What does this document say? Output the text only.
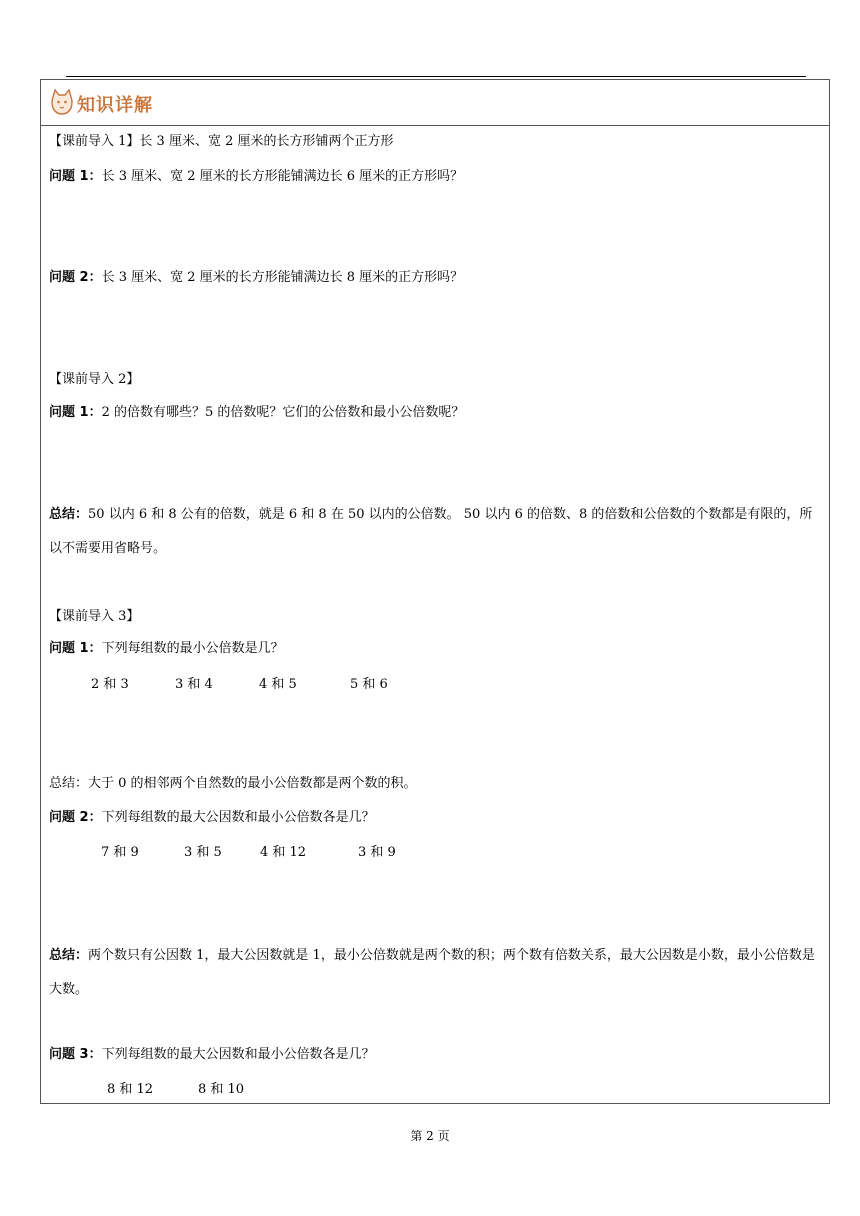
知识详解
【课前导入 1】长 3 厘米、宽 2 厘米的长方形铺两个正方形
问题 1：长 3 厘米、宽 2 厘米的长方形能铺满边长 6 厘米的正方形吗？
问题 2：长 3 厘米、宽 2 厘米的长方形能铺满边长 8 厘米的正方形吗？
【课前导入 2】
问题 1：2 的倍数有哪些？5 的倍数呢？它们的公倍数和最小公倍数呢？
总结：50 以内 6 和 8 公有的倍数，就是 6 和 8 在 50 以内的公倍数。 50 以内 6 的倍数、8 的倍数和公倍数的个数都是有限的，所以不需要用省略号。
【课前导入 3】
问题 1：下列每组数的最小公倍数是几？
2 和 3	3 和 4	4 和 5	5 和 6
总结：大于 0 的相邻两个自然数的最小公倍数都是两个数的积。
问题 2：下列每组数的最大公因数和最小公倍数各是几？
7 和 9	3 和 5	4 和 12	3 和 9
总结：两个数只有公因数 1，最大公因数就是 1，最小公倍数就是两个数的积；两个数有倍数关系，最大公因数是小数，最小公倍数是大数。
问题 3：下列每组数的最大公因数和最小公倍数各是几？
8 和 12	8 和 10
第 2 页
